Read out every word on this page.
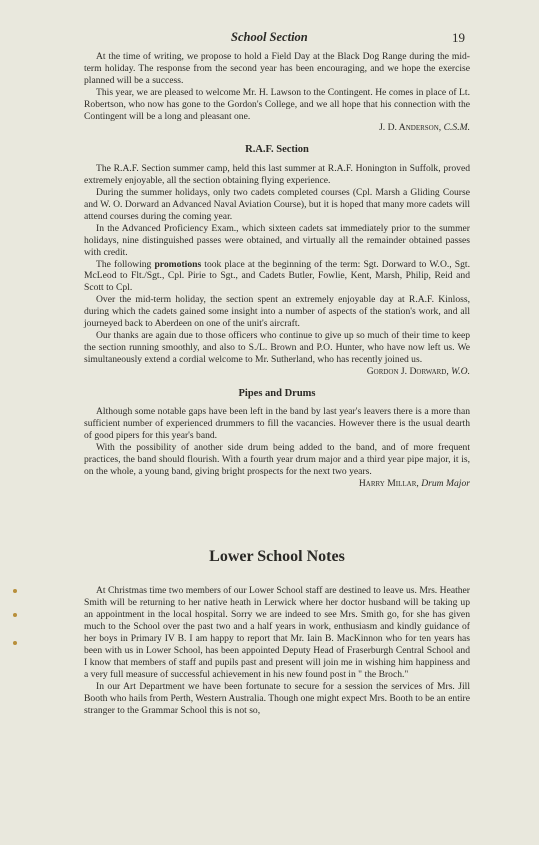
School Section	19

At the time of writing, we propose to hold a Field Day at the Black Dog Range during the mid-term holiday. The response from the second year has been encouraging, and we hope the exercise planned will be a success.

This year, we are pleased to welcome Mr. H. Lawson to the Contingent. He comes in place of Lt. Robertson, who now has gone to the Gordon's College, and we all hope that his connection with the Contingent will be a long and pleasant one.

J. D. Anderson, C.S.M.

R.A.F. Section

The R.A.F. Section summer camp, held this last summer at R.A.F. Honington in Suffolk, proved extremely enjoyable, all the section obtaining flying experience.

During the summer holidays, only two cadets completed courses (Cpl. Marsh a Gliding Course and W. O. Dorward an Advanced Naval Aviation Course), but it is hoped that many more cadets will attend courses during the coming year.

In the Advanced Proficiency Exam., which sixteen cadets sat immediately prior to the summer holidays, nine distinguished passes were obtained, and virtually all the remainder obtained passes with credit.

The following promotions took place at the beginning of the term: Sgt. Dorward to W.O., Sgt. McLeod to Flt./Sgt., Cpl. Pirie to Sgt., and Cadets Butler, Fowlie, Kent, Marsh, Philip, Reid and Scott to Cpl.

Over the mid-term holiday, the section spent an extremely enjoyable day at R.A.F. Kinloss, during which the cadets gained some insight into a number of aspects of the station's work, and all journeyed back to Aberdeen on one of the unit's aircraft.

Our thanks are again due to those officers who continue to give up so much of their time to keep the section running smoothly, and also to S./L. Brown and P.O. Hunter, who have now left us. We simultaneously extend a cordial welcome to Mr. Sutherland, who has recently joined us.

Gordon J. Dorward, W.O.

Pipes and Drums

Although some notable gaps have been left in the band by last year's leavers there is a more than sufficient number of experienced drummers to fill the vacancies. However there is the usual dearth of good pipers for this year's band.

With the possibility of another side drum being added to the band, and of more frequent practices, the band should flourish. With a fourth year drum major and a third year pipe major, it is, on the whole, a young band, giving bright prospects for the next two years.

Harry Millar, Drum Major

Lower School Notes

At Christmas time two members of our Lower School staff are destined to leave us. Mrs. Heather Smith will be returning to her native heath in Lerwick where her doctor husband will be taking up an appointment in the local hospital. Sorry we are indeed to see Mrs. Smith go, for she has given much to the School over the past two and a half years in work, enthusiasm and kindly guidance of her boys in Primary IV B. I am happy to report that Mr. Iain B. MacKinnon who for ten years has been with us in Lower School, has been appointed Deputy Head of Fraserburgh Central School and I know that members of staff and pupils past and present will join me in wishing him happiness and a very full measure of successful achievement in his new found post in " the Broch."

In our Art Department we have been fortunate to secure for a session the services of Mrs. Jill Booth who hails from Perth, Western Australia. Though one might expect Mrs. Booth to be an entire stranger to the Grammar School this is not so,
